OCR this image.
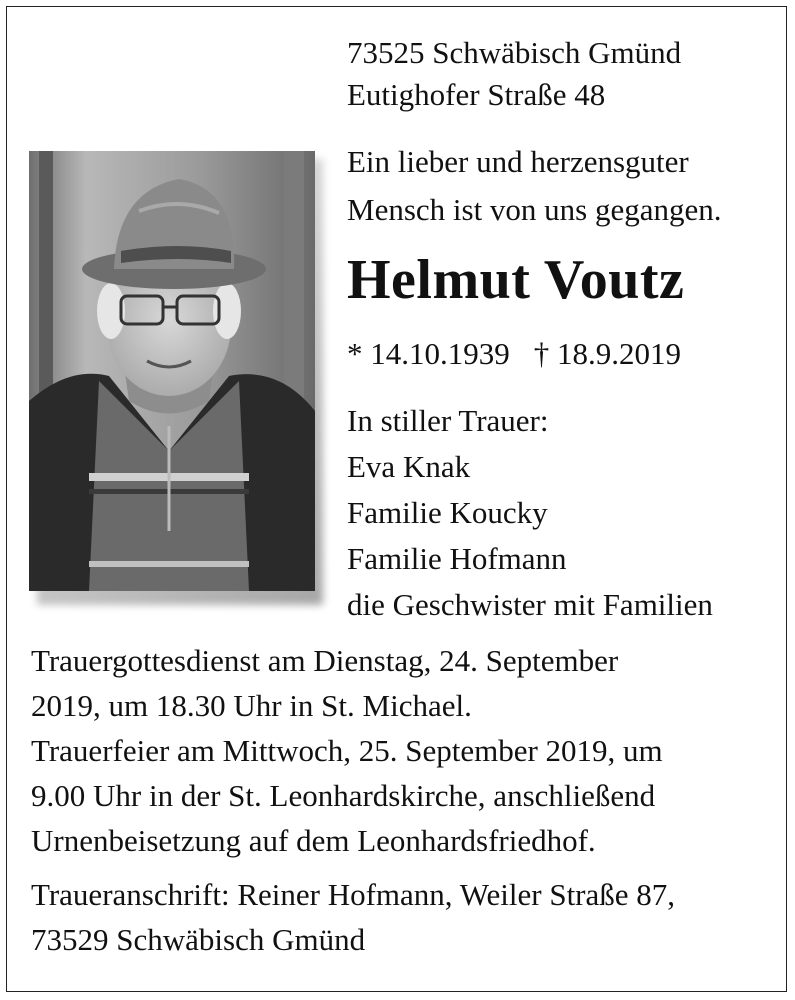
73525 Schwäbisch Gmünd
Eutighofer Straße 48
Ein lieber und herzensguter
Mensch ist von uns gegangen.
Helmut Voutz
* 14.10.1939 † 18.9.2019
In stiller Trauer:
Eva Knak
Familie Koucky
Familie Hofmann
die Geschwister mit Familien
Trauergottesdienst am Dienstag, 24. September
2019, um 18.30 Uhr in St. Michael.
Trauerfeier am Mittwoch, 25. September 2019, um
9.00 Uhr in der St. Leonhardskirche, anschließend
Urnenbeisetzung auf dem Leonhardsfriedhof.
Traueranschrift: Reiner Hofmann, Weiler Straße 87,
73529 Schwäbisch Gmünd
